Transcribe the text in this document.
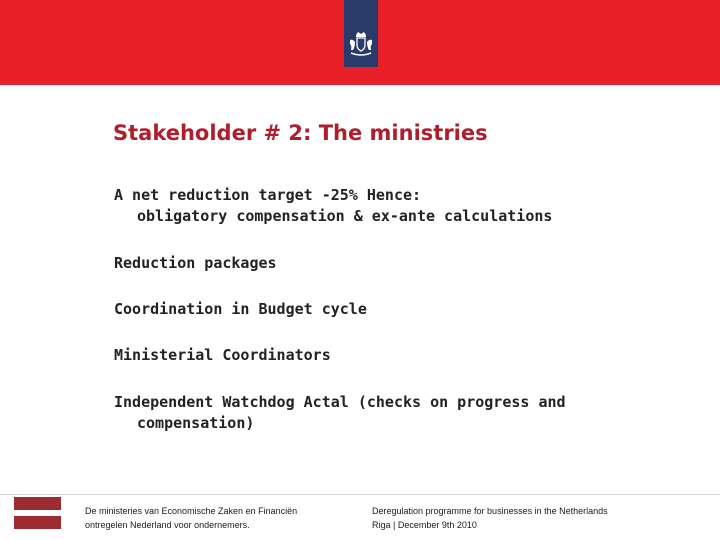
Stakeholder # 2: The ministries
A net reduction target -25% Hence:
obligatory compensation & ex-ante calculations
Reduction packages
Coordination in Budget cycle
Ministerial Coordinators
Independent Watchdog Actal (checks on progress and
compensation)
De ministeries van Economische Zaken en Financiën
ontregelen Nederland voor ondernemers.
Deregulation programme for businesses in the Netherlands
Riga | December 9th 2010
